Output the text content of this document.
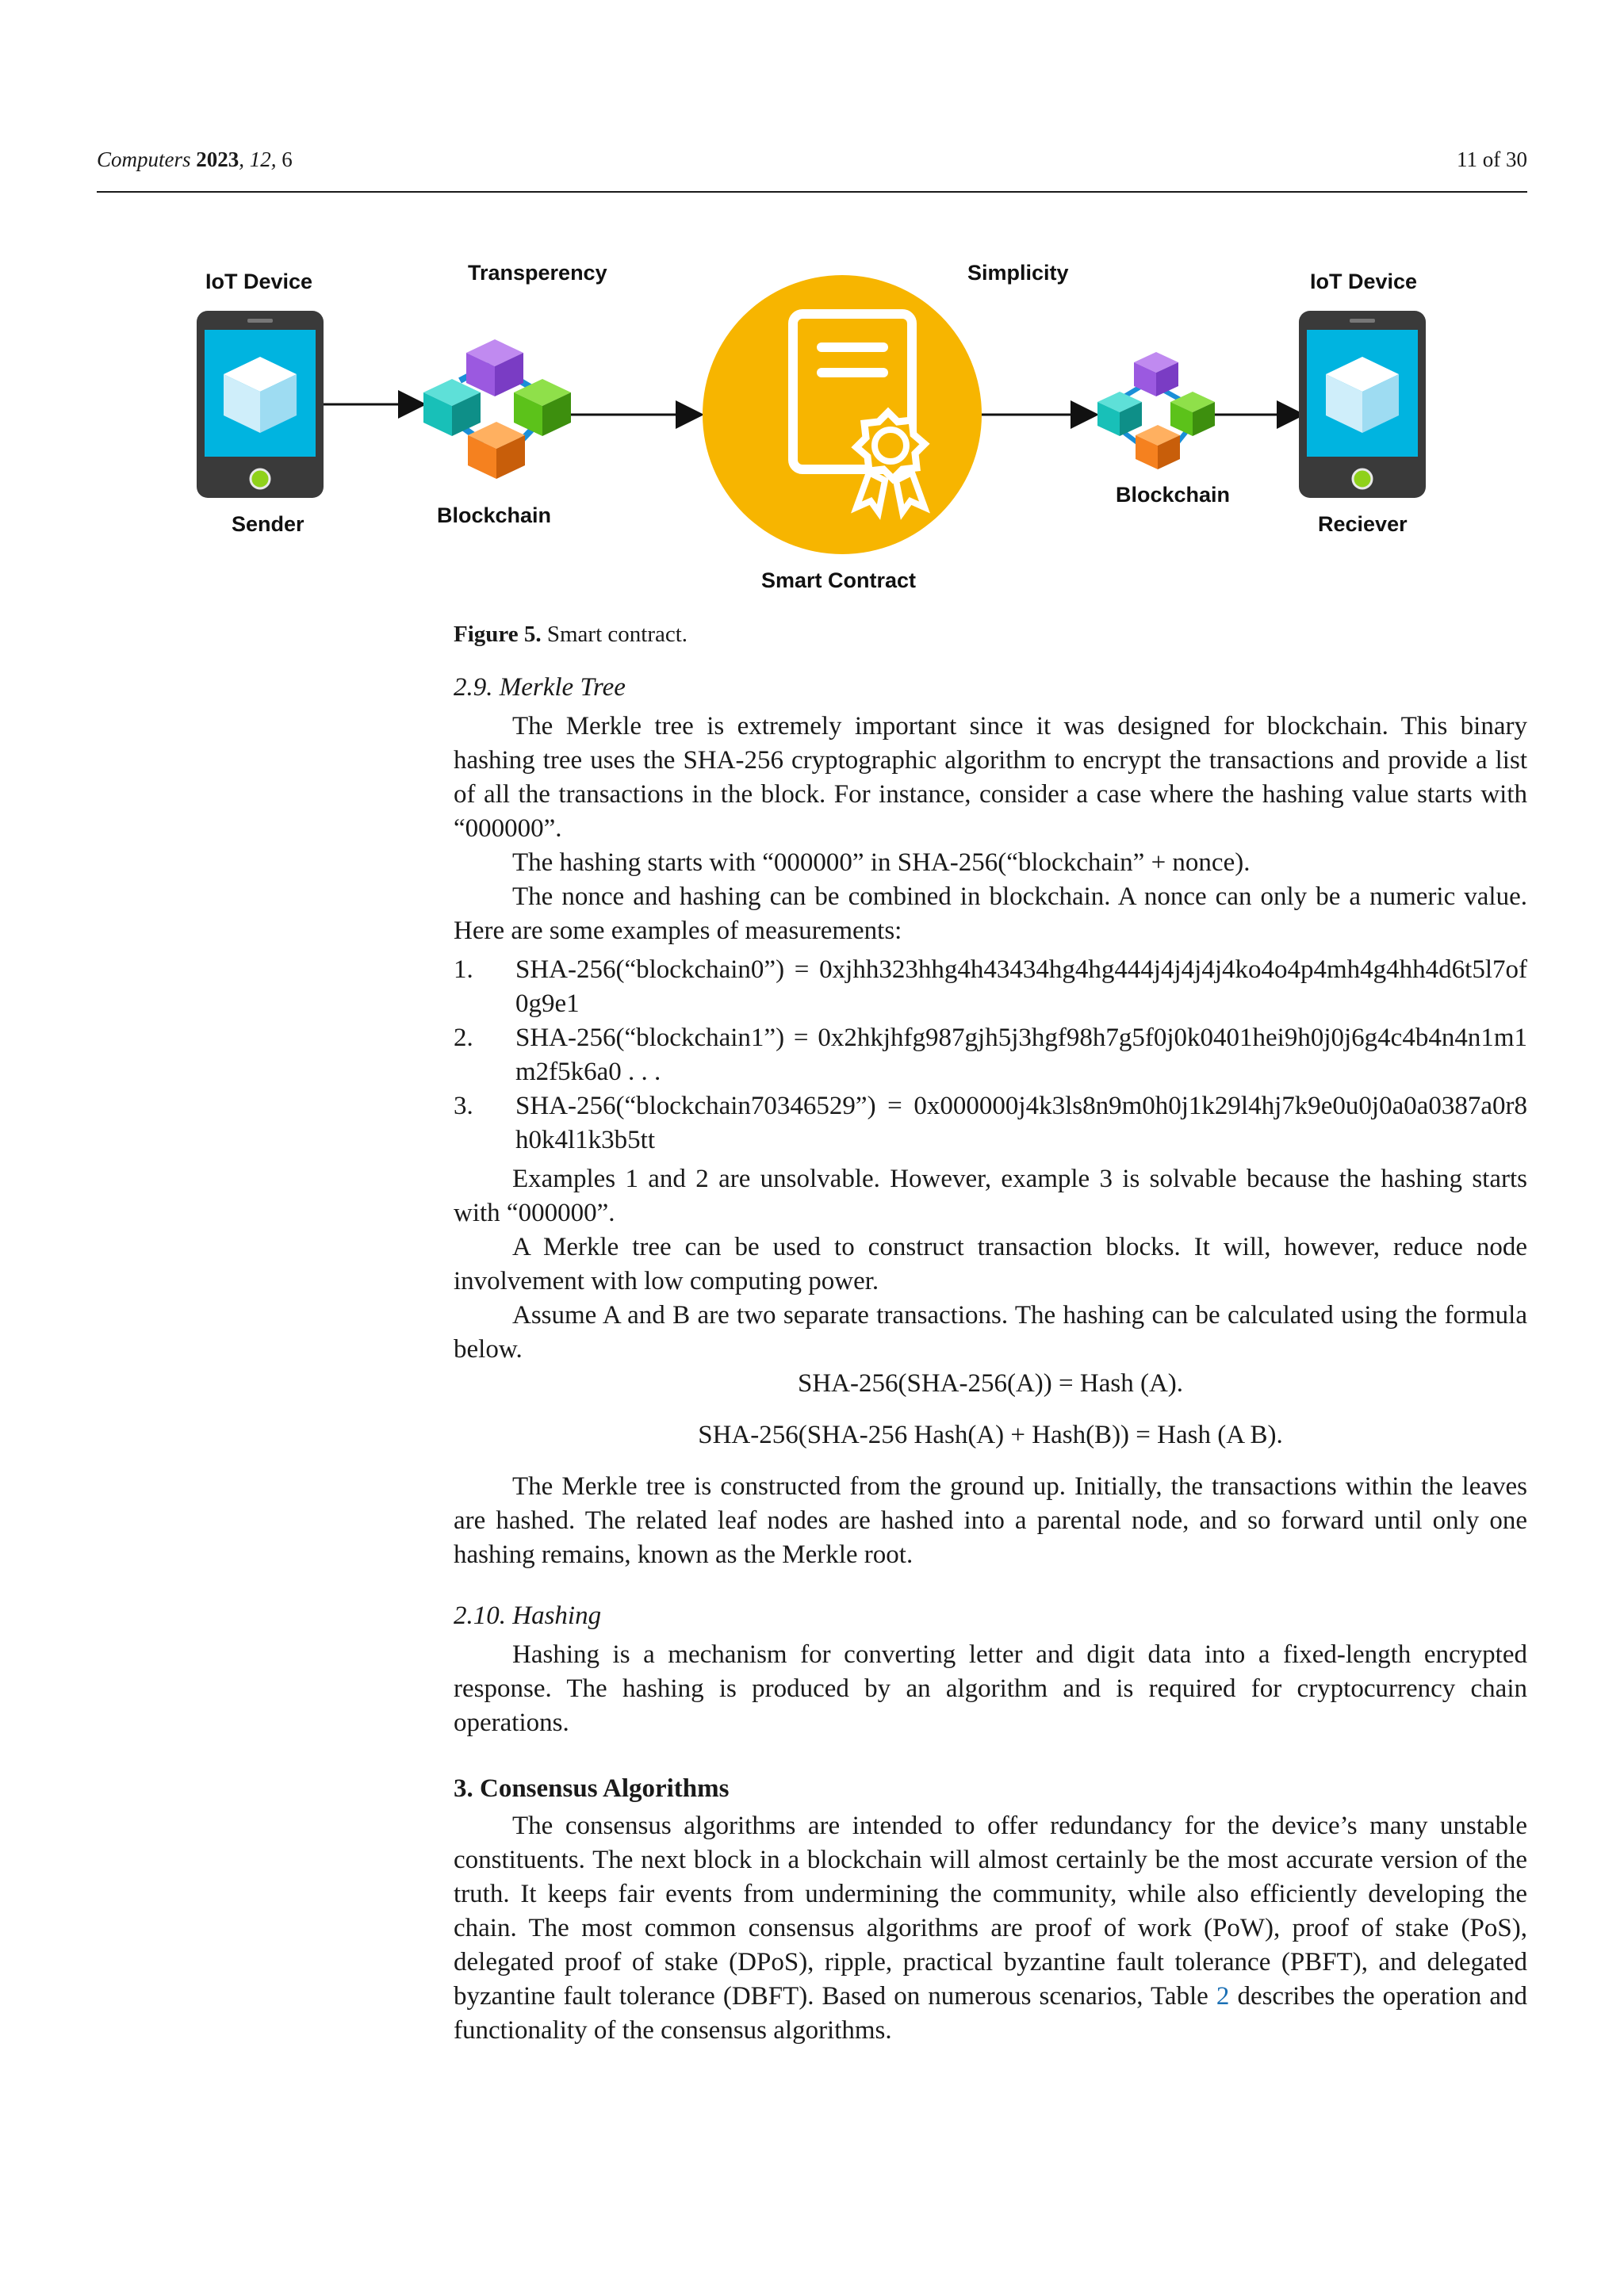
Computers 2023, 12, 6	11 of 30
IoT Device	Transperency	Simplicity	IoT Device
Sender	Blockchain
Blockchain
Reciever
Smart Contract
Figure 5. Smart contract.
2.9. Merkle Tree

The Merkle tree is extremely important since it was designed for blockchain. This binary hashing tree uses the SHA-256 cryptographic algorithm to encrypt the transactions and provide a list of all the transactions in the block. For instance, consider a case where the hashing value starts with “000000”.

The hashing starts with “000000” in SHA-256(“blockchain” + nonce).

The nonce and hashing can be combined in blockchain. A nonce can only be a numeric value. Here are some examples of measurements:

1. SHA-256(“blockchain0”) = 0xjhh323hhg4h43434hg4hg444j4j4j4j4ko4o4p4mh4g4hh4d6t5l7of0g9e1
2. SHA-256(“blockchain1”) = 0x2hkjhfg987gjh5j3hgf98h7g5f0j0k0401hei9h0j0j6g4c4b4n4n1m1m2f5k6a0 . . .
3. SHA-256(“blockchain70346529”) = 0x000000j4k3ls8n9m0h0j1k29l4hj7k9e0u0j0a0a0387a0r8h0k4l1k3b5tt

Examples 1 and 2 are unsolvable. However, example 3 is solvable because the hashing starts with “000000”.

A Merkle tree can be used to construct transaction blocks. It will, however, reduce node involvement with low computing power.

Assume A and B are two separate transactions. The hashing can be calculated using the formula below.

SHA-256(SHA-256(A)) = Hash (A).
SHA-256(SHA-256 Hash(A) + Hash(B)) = Hash (A B).

The Merkle tree is constructed from the ground up. Initially, the transactions within the leaves are hashed. The related leaf nodes are hashed into a parental node, and so forward until only one hashing remains, known as the Merkle root.

2.10. Hashing

Hashing is a mechanism for converting letter and digit data into a fixed-length encrypted response. The hashing is produced by an algorithm and is required for cryptocurrency chain operations.

3. Consensus Algorithms

The consensus algorithms are intended to offer redundancy for the device’s many unstable constituents. The next block in a blockchain will almost certainly be the most accurate version of the truth. It keeps fair events from undermining the community, while also efficiently developing the chain. The most common consensus algorithms are proof of work (PoW), proof of stake (PoS), delegated proof of stake (DPoS), ripple, practical byzantine fault tolerance (PBFT), and delegated byzantine fault tolerance (DBFT). Based on numerous scenarios, Table 2 describes the operation and functionality of the consensus algorithms.
